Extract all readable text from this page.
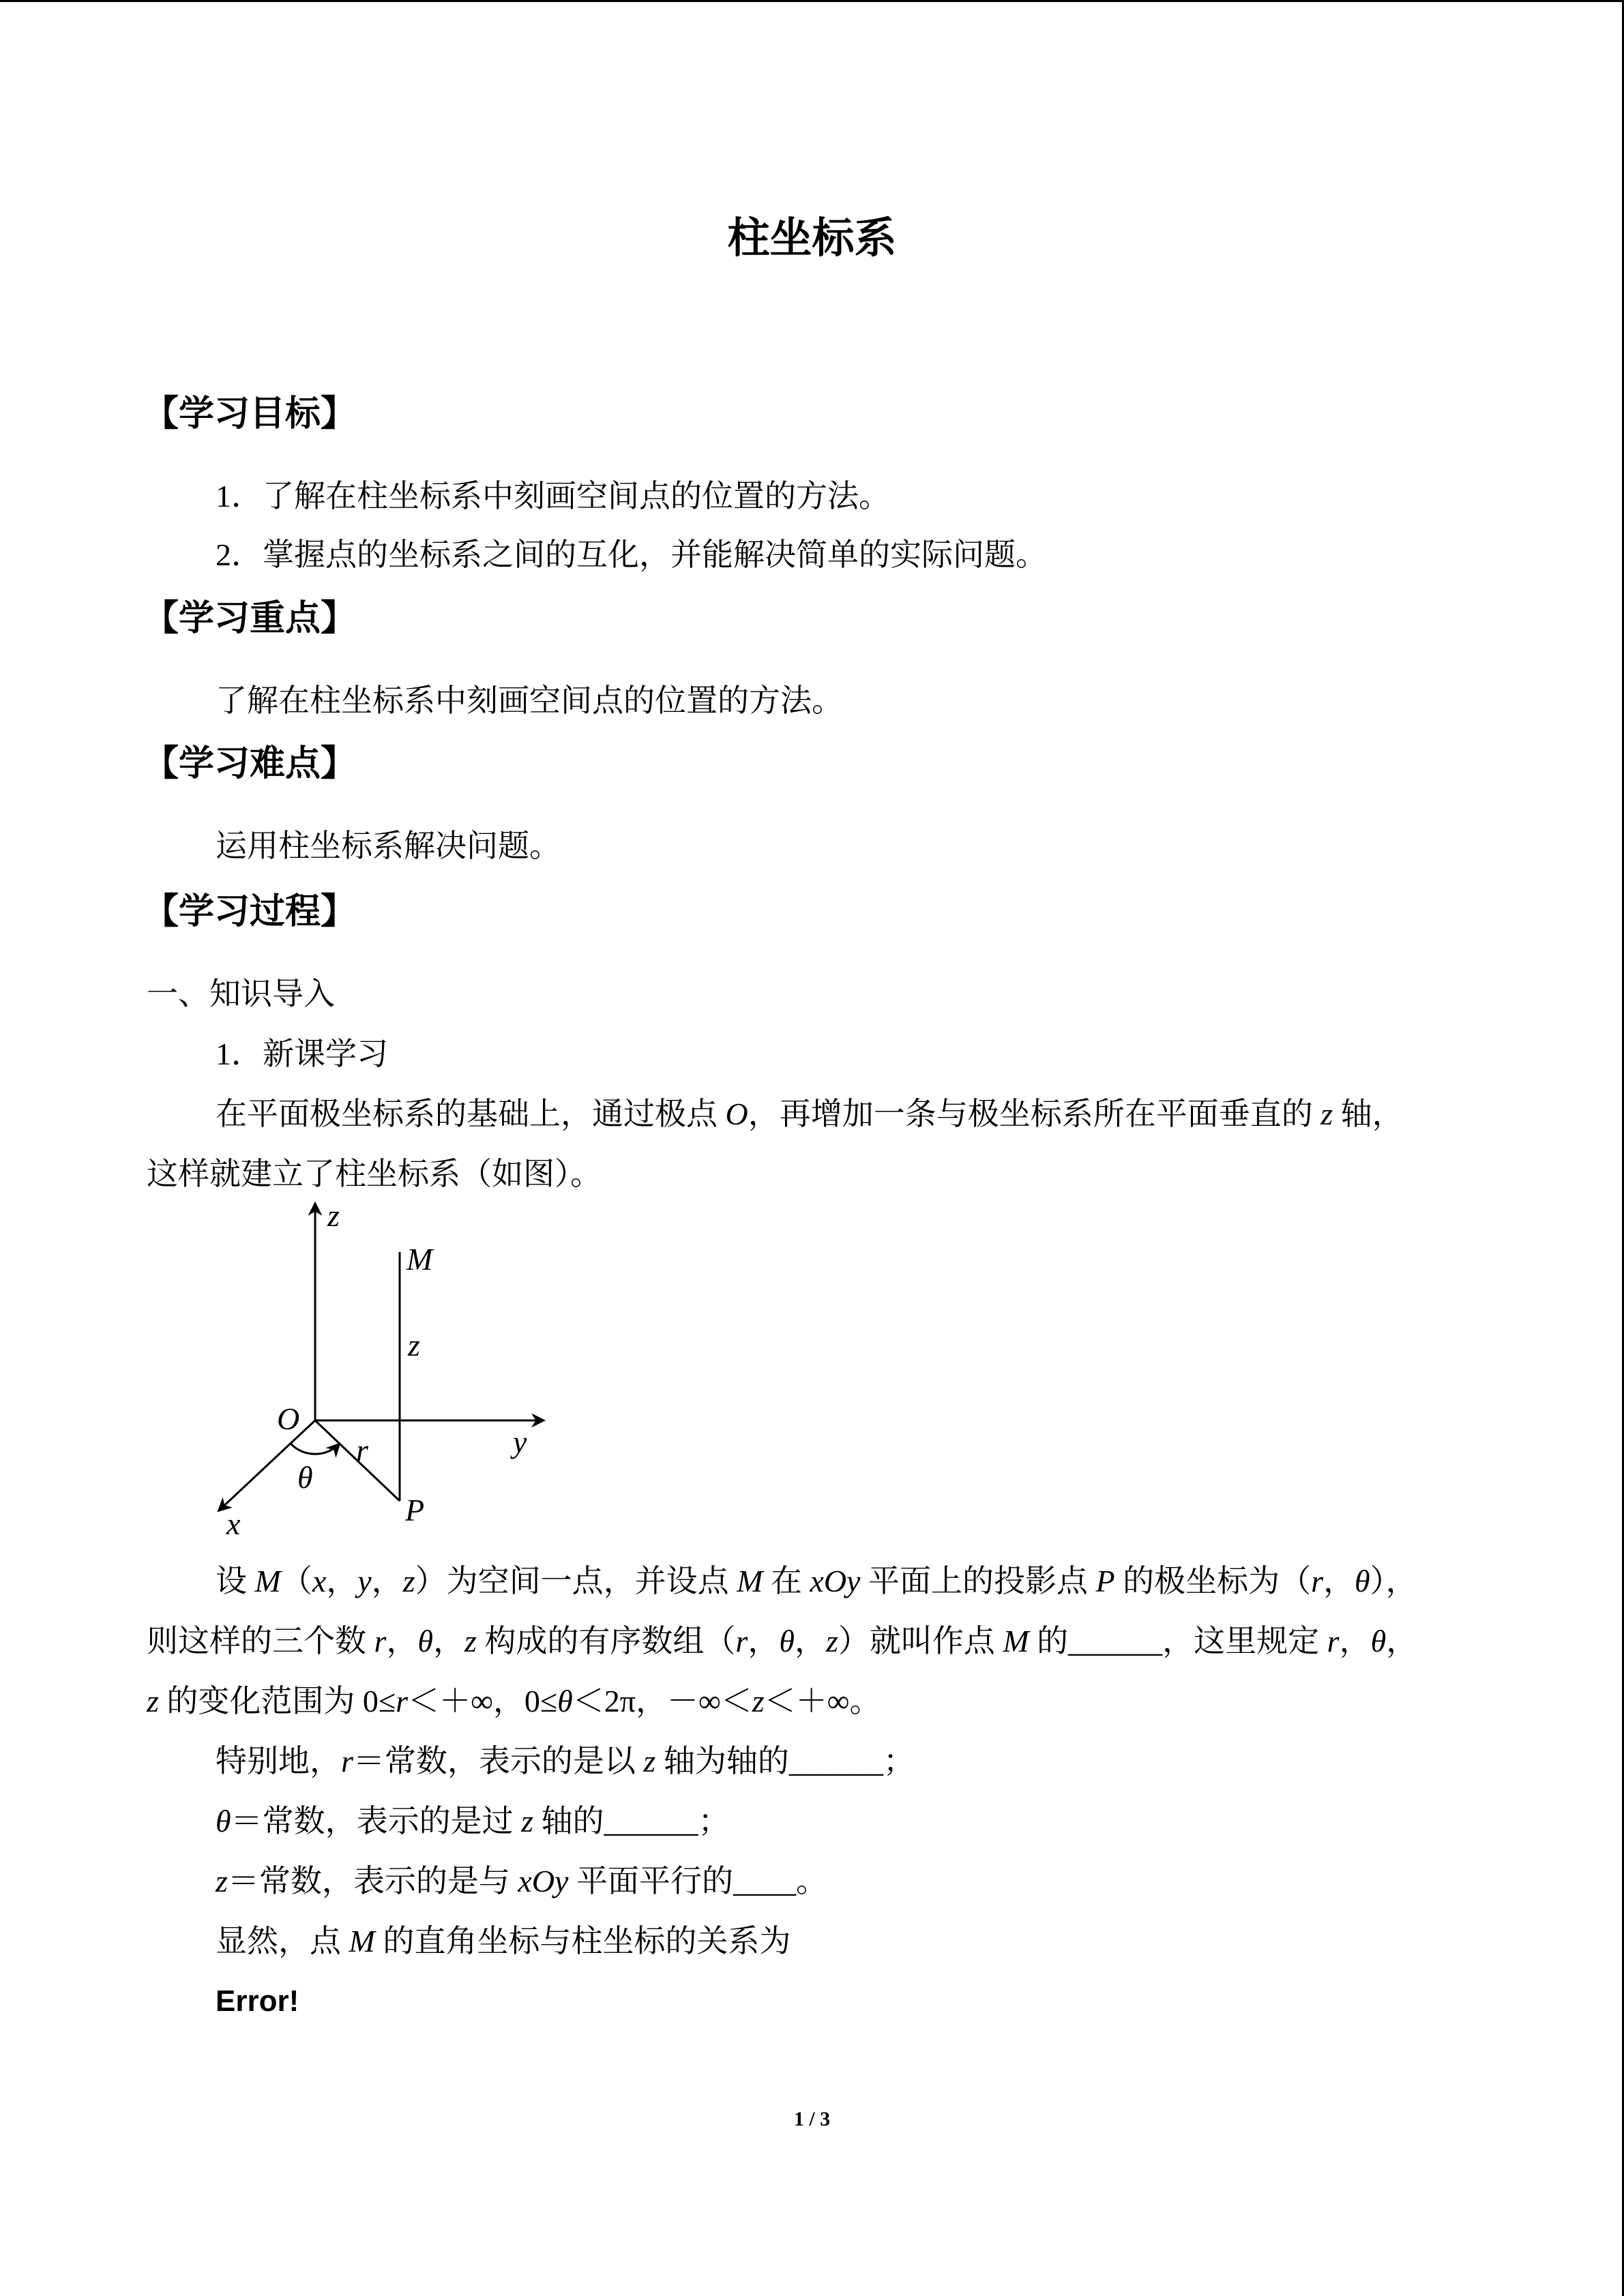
柱坐标系
【学习目标】
1．了解在柱坐标系中刻画空间点的位置的方法。
2．掌握点的坐标系之间的互化，并能解决简单的实际问题。
【学习重点】
了解在柱坐标系中刻画空间点的位置的方法。
【学习难点】
运用柱坐标系解决问题。
【学习过程】
一、知识导入
1．新课学习
在平面极坐标系的基础上，通过极点 O，再增加一条与极坐标系所在平面垂直的 z 轴，
这样就建立了柱坐标系（如图）。
z
M
z
O
y
r
θ
x	P
设 M（x，y，z）为空间一点，并设点 M 在 xOy 平面上的投影点 P 的极坐标为（r，θ），
则这样的三个数 r，θ，z 构成的有序数组（r，θ，z）就叫作点 M 的______，这里规定 r，θ，
z 的变化范围为 0≤r＜＋∞，0≤θ＜2π，－∞＜z＜＋∞。
特别地，r＝常数，表示的是以 z 轴为轴的______；
θ＝常数，表示的是过 z 轴的______；
z＝常数，表示的是与 xOy 平面平行的____。
显然，点 M 的直角坐标与柱坐标的关系为
Error!
1 / 3
